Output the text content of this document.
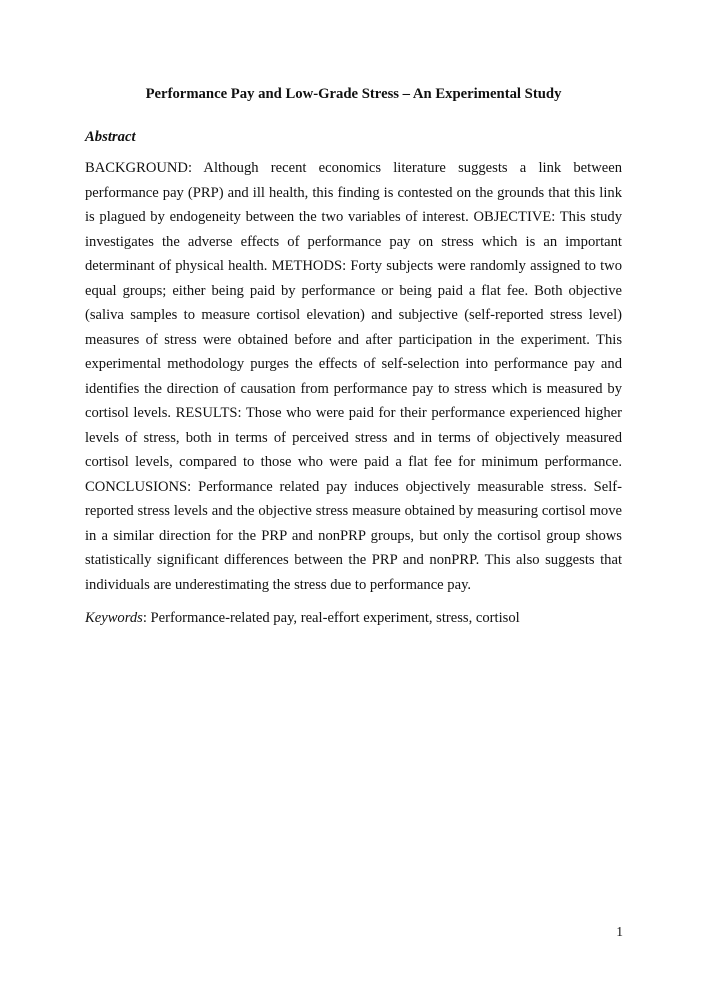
Performance Pay and Low-Grade Stress – An Experimental Study
Abstract
BACKGROUND: Although recent economics literature suggests a link between performance pay (PRP) and ill health, this finding is contested on the grounds that this link is plagued by endogeneity between the two variables of interest. OBJECTIVE: This study investigates the adverse effects of performance pay on stress which is an important determinant of physical health. METHODS: Forty subjects were randomly assigned to two equal groups; either being paid by performance or being paid a flat fee. Both objective (saliva samples to measure cortisol elevation) and subjective (self-reported stress level) measures of stress were obtained before and after participation in the experiment. This experimental methodology purges the effects of self-selection into performance pay and identifies the direction of causation from performance pay to stress which is measured by cortisol levels. RESULTS: Those who were paid for their performance experienced higher levels of stress, both in terms of perceived stress and in terms of objectively measured cortisol levels, compared to those who were paid a flat fee for minimum performance. CONCLUSIONS: Performance related pay induces objectively measurable stress. Self-reported stress levels and the objective stress measure obtained by measuring cortisol move in a similar direction for the PRP and nonPRP groups, but only the cortisol group shows statistically significant differences between the PRP and nonPRP. This also suggests that individuals are underestimating the stress due to performance pay.
Keywords: Performance-related pay, real-effort experiment, stress, cortisol
1
